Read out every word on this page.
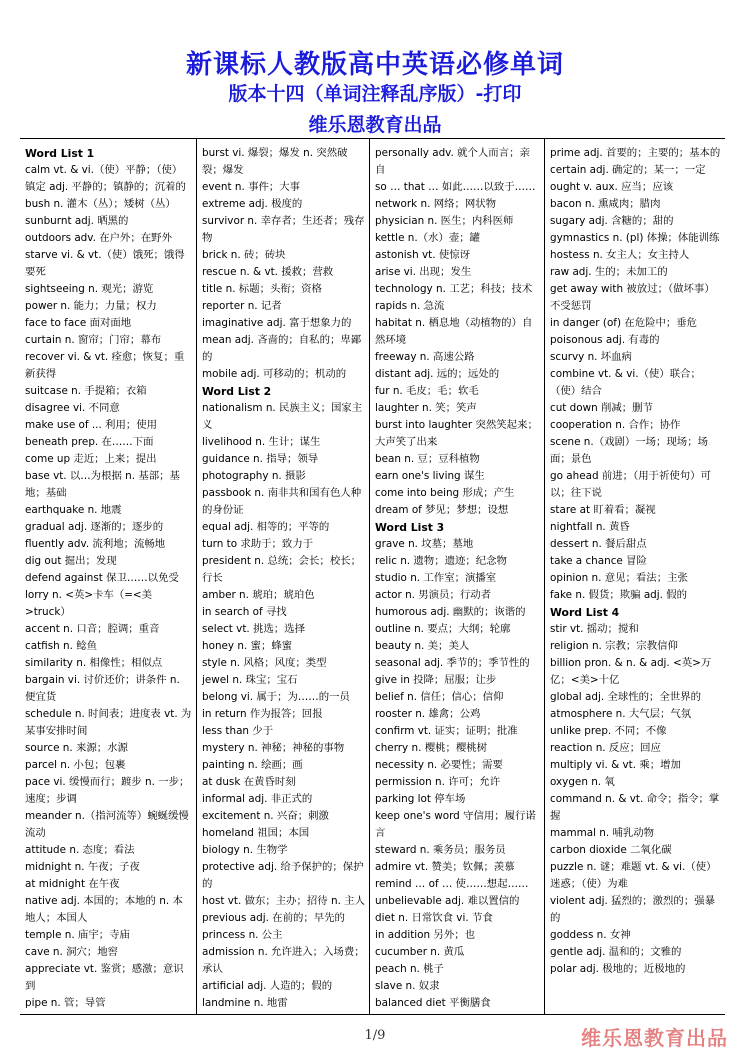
新课标人教版高中英语必修单词
版本十四（单词注释乱序版）-打印
维乐恩教育出品

Word List 1

calm vt. & vi.（使）平静；（使）镇定 adj. 平静的；镇静的；沉着的

bush n. 灌木（丛）；矮树（丛）

sunburnt adj. 晒黑的

outdoors adv. 在户外；在野外

starve vi. & vt.（使）饿死；饿得要死

sightseeing n. 观光；游览

power n. 能力；力量；权力

face to face 面对面地

curtain n. 窗帘；门帘；幕布

recover vi. & vt. 痊愈；恢复；重新获得

suitcase n. 手提箱；衣箱

disagree vi. 不同意

make use of ... 利用；使用

beneath prep. 在……下面

come up 走近；上来；提出

base vt. 以…为根据 n. 基部；基地；基础

earthquake n. 地震

gradual adj. 逐渐的；逐步的

fluently adv. 流利地；流畅地

dig out 掘出；发现

defend against 保卫……以免受

lorry n. <英>卡车（=<美>truck）

accent n. 口音；腔调；重音

catfish n. 鲶鱼

similarity n. 相像性；相似点

bargain vi. 讨价还价；讲条件 n. 便宜货

schedule n. 时间表；进度表 vt. 为某事安排时间

source n. 来源；水源

parcel n. 小包；包裹

pace vi. 缓慢而行；踱步 n. 一步；速度；步调

meander n.（指河流等）蜿蜒缓慢流动

attitude n. 态度；看法

midnight n. 午夜；子夜

at midnight 在午夜

native adj. 本国的；本地的 n. 本地人；本国人

temple n. 庙宇；寺庙

cave n. 洞穴；地窖

appreciate vt. 鉴赏；感激；意识到

pipe n. 管；导管

burst vi. 爆裂；爆发 n. 突然破裂；爆发

event n. 事件；大事

extreme adj. 极度的

survivor n. 幸存者；生还者；残存物

brick n. 砖；砖块

rescue n. & vt. 援救；营救

title n. 标题；头衔；资格

reporter n. 记者

imaginative adj. 富于想象力的

mean adj. 吝啬的；自私的；卑鄙的

mobile adj. 可移动的；机动的

Word List 2

nationalism n. 民族主义；国家主义

livelihood n. 生计；谋生

guidance n. 指导；领导

photography n. 摄影

passbook n. 南非共和国有色人种的身份证

equal adj. 相等的；平等的

turn to 求助于；致力于

president n. 总统；会长；校长；行长

amber n. 琥珀；琥珀色

in search of 寻找

select vt. 挑选；选择

honey n. 蜜；蜂蜜

style n. 风格；风度；类型

jewel n. 珠宝；宝石

belong vi. 属于；为……的一员

in return 作为报答；回报

less than 少于

mystery n. 神秘；神秘的事物

painting n. 绘画；画

at dusk 在黄昏时刻

informal adj. 非正式的

excitement n. 兴奋；刺激

homeland 祖国；本国

biology n. 生物学

protective adj. 给予保护的；保护的

host vt. 做东；主办；招待 n. 主人

previous adj. 在前的；早先的

princess n. 公主

admission n. 允许进入；入场费；承认

artificial adj. 人造的；假的

landmine n. 地雷

personally adv. 就个人而言；亲自

so … that … 如此……以致于……

network n. 网络；网状物

physician n. 医生；内科医师

kettle n.（水）壶；罐

astonish vt. 使惊讶

arise vi. 出现；发生

technology n. 工艺；科技；技术

rapids n. 急流

habitat n. 栖息地（动植物的）自然环境

freeway n. 高速公路

distant adj. 远的；远处的

fur n. 毛皮；毛；软毛

laughter n. 笑；笑声

burst into laughter 突然笑起来；大声笑了出来

bean n. 豆；豆科植物

earn one's living 谋生

come into being 形成；产生

dream of 梦见；梦想；设想

Word List 3

grave n. 坟墓；墓地

relic n. 遗物；遗迹；纪念物

studio n. 工作室；演播室

actor n. 男演员；行动者

humorous adj. 幽默的；诙谐的

outline n. 要点；大纲；轮廓

beauty n. 美；美人

seasonal adj. 季节的；季节性的

give in 投降；屈服；让步

belief n. 信任；信心；信仰

rooster n. 雄禽；公鸡

confirm vt. 证实；证明；批准

cherry n. 樱桃；樱桃树

necessity n. 必要性；需要

permission n. 许可；允许

parking lot 停车场

keep one's word 守信用；履行诺言

steward n. 乘务员；服务员

admire vt. 赞美；钦佩；羡慕

remind … of … 使……想起……

unbelievable adj. 难以置信的

diet n. 日常饮食 vi. 节食

in addition 另外；也

cucumber n. 黄瓜

peach n. 桃子

slave n. 奴隶

balanced diet 平衡膳食

prime adj. 首要的；主要的；基本的

certain adj. 确定的；某一；一定

ought v. aux. 应当；应该

bacon n. 熏咸肉；腊肉

sugary adj. 含糖的；甜的

gymnastics n. (pl) 体操；体能训练

hostess n. 女主人；女主持人

raw adj. 生的；未加工的

get away with 被放过；（做坏事）不受惩罚

in danger (of) 在危险中；垂危

poisonous adj. 有毒的

scurvy n. 坏血病

combine vt. & vi.（使）联合；（使）结合

cut down 削减；删节

cooperation n. 合作；协作

scene n.（戏剧）一场；现场；场面；景色

go ahead 前进；（用于祈使句）可以；往下说

stare at 盯着看；凝视

nightfall n. 黄昏

dessert n. 餐后甜点

take a chance 冒险

opinion n. 意见；看法；主张

fake n. 假货；欺骗 adj. 假的

Word List 4

stir vt. 摇动；搅和

religion n. 宗教；宗教信仰

billion pron. & n. & adj. <英>万亿；<美>十亿

global adj. 全球性的；全世界的

atmosphere n. 大气层；气氛

unlike prep. 不同；不像

reaction n. 反应；回应

multiply vi. & vt. 乘；增加

oxygen n. 氧

command n. & vt. 命令；指令；掌握

mammal n. 哺乳动物

carbon dioxide 二氧化碳

puzzle n. 谜；难题 vt. & vi.（使）迷惑；（使）为难

violent adj. 猛烈的；激烈的；强暴的

goddess n. 女神

gentle adj. 温和的；文雅的

polar adj. 极地的；近极地的

1/9	维乐恩教育出品
